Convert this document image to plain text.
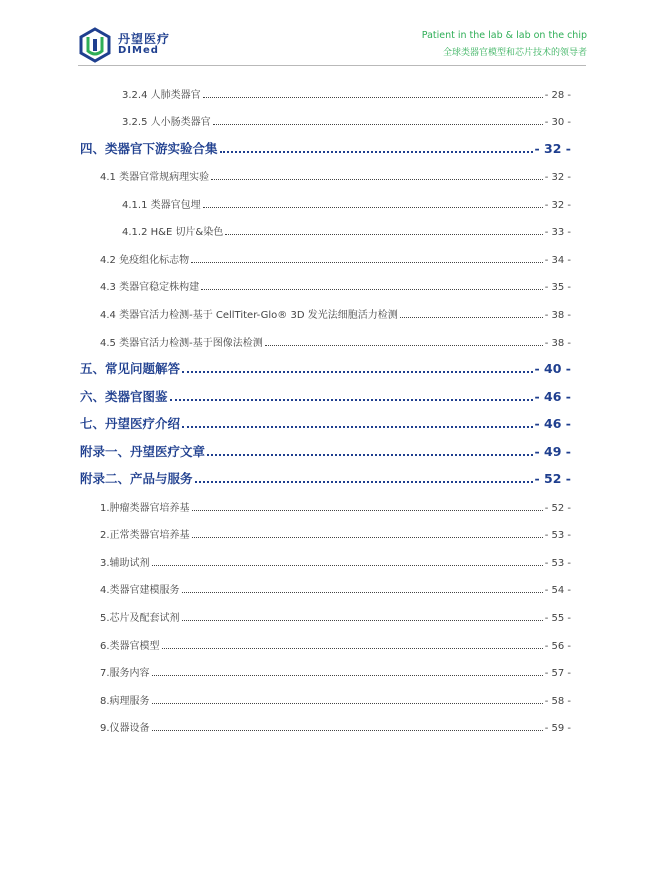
丹望医疗
DIMed
Patient in the lab & lab on the chip
全球类器官模型和芯片技术的领导者
3.2.4 人肺类器官	- 28 -
3.2.5 人小肠类器官	- 30 -
四、类器官下游实验合集	- 32 -
4.1 类器官常规病理实验	- 32 -
4.1.1 类器官包埋	- 32 -
4.1.2 H&E 切片&染色	- 33 -
4.2 免疫组化标志物	- 34 -
4.3 类器官稳定株构建	- 35 -
4.4 类器官活力检测-基于 CellTiter-Glo® 3D 发光法细胞活力检测	- 38 -
4.5 类器官活力检测-基于图像法检测	- 38 -
五、常见问题解答	- 40 -
六、类器官图鉴	- 46 -
七、丹望医疗介绍	- 46 -
附录一、丹望医疗文章	- 49 -
附录二、产品与服务	- 52 -
1.肿瘤类器官培养基	- 52 -
2.正常类器官培养基	- 53 -
3.辅助试剂	- 53 -
4.类器官建模服务	- 54 -
5.芯片及配套试剂	- 55 -
6.类器官模型	- 56 -
7.服务内容	- 57 -
8.病理服务	- 58 -
9.仪器设备	- 59 -
